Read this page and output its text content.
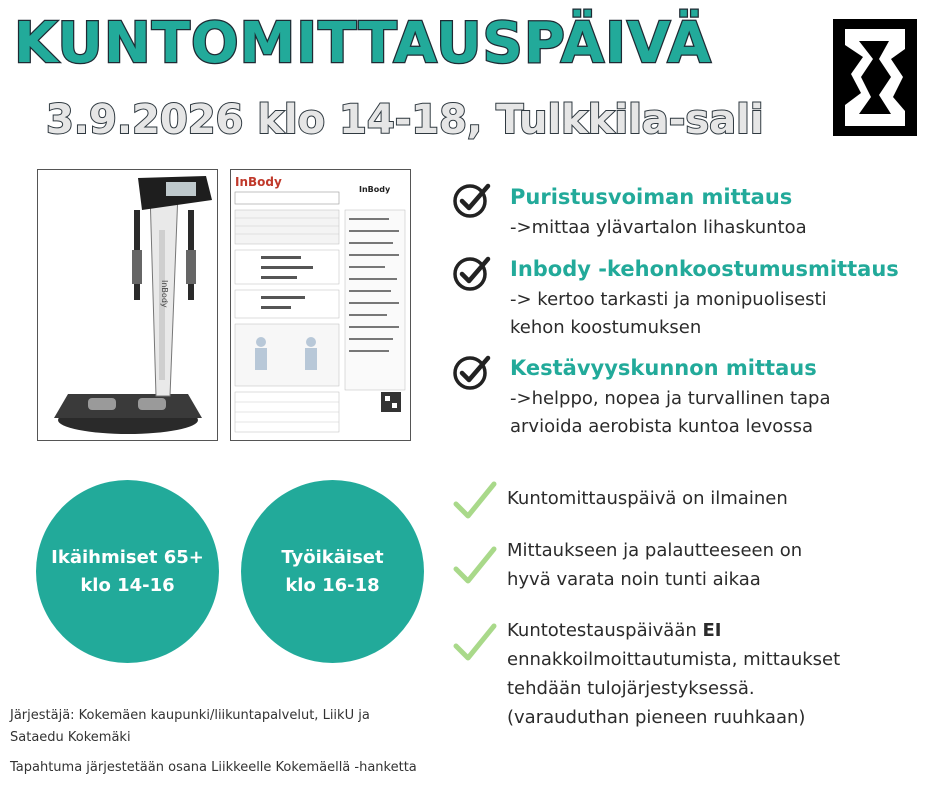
KUNTOMITTAUSPÄIVÄ
3.9.2026 klo 14-18, Tulkkila-sali
InBody
InBody
InBody	Puristusvoiman mittaus
->mittaa ylävartalon lihaskuntoa
Inbody -kehonkoostumusmittaus
-> kertoo tarkasti ja monipuolisesti
kehon koostumuksen
Kestävyyskunnon mittaus
->helppo, nopea ja turvallinen tapa
arvioida aerobista kuntoa levossa
Ikäihmiset 65+
klo 14-16
Työikäiset
klo 16-18
Kuntomittauspäivä on ilmainen
Mittaukseen ja palautteeseen on
hyvä varata noin tunti aikaa
Kuntotestauspäivään EI
ennakkoilmoittautumista, mittaukset
tehdään tulojärjestyksessä.
(varauduthan pieneen ruuhkaan)
Järjestäjä: Kokemäen kaupunki/liikuntapalvelut, LiikU ja
Sataedu Kokemäki
Tapahtuma järjestetään osana Liikkeelle Kokemäellä -hanketta
